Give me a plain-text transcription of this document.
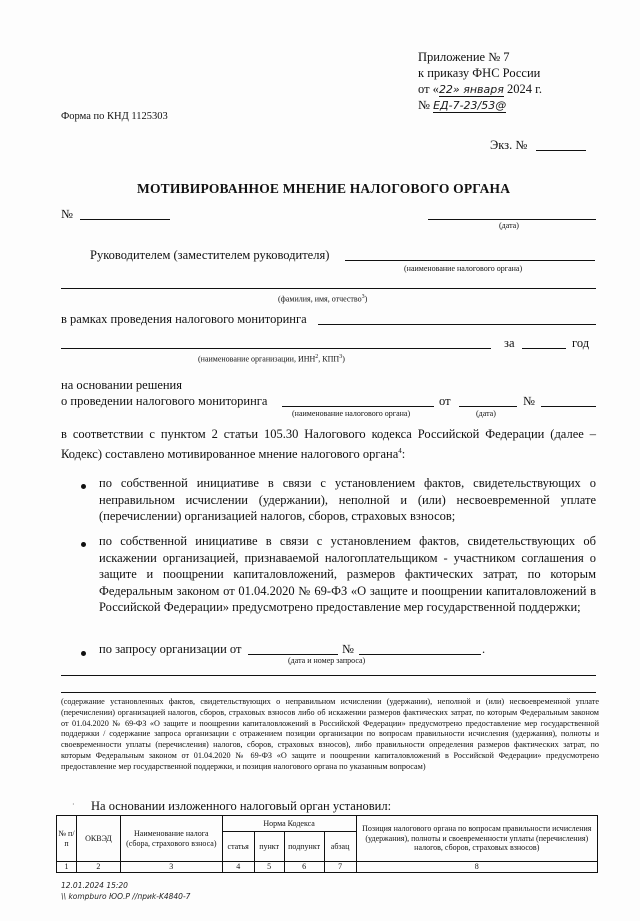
Приложение № 7
к приказу ФНС России
от «22» января 2024 г.
№ ЕД-7-23/53@
Форма по КНД 1125303
Экз. №
МОТИВИРОВАННОЕ МНЕНИЕ НАЛОГОВОГО ОРГАНА
№
(дата)
Руководителем (заместителем руководителя)
(наименование налогового органа)
(фамилия, имя, отчество$^3$)
в рамках проведения налогового мониторинга
за	год
(наименование организации, ИНН$^2$, КПП$^3$)
на основании решения
о проведении налогового мониторинга	от	№
(наименование налогового органа)	(дата)
в соответствии с пунктом 2 статьи 105.30 Налогового кодекса Российской Федерации (далее – Кодекс) составлено мотивированное мнение налогового органа$^4$:
по собственной инициативе в связи с установлением фактов, свидетельствующих о неправильном исчислении (удержании), неполной и (или) несвоевременной уплате (перечислении) организацией налогов, сборов, страховых взносов;
по собственной инициативе в связи с установлением фактов, свидетельствующих об искажении организацией, признаваемой налогоплательщиком - участником соглашения о защите и поощрении капиталовложений, размеров фактических затрат, по которым Федеральным законом от 01.04.2020 № 69-ФЗ «О защите и поощрении капиталовложений в Российской Федерации» предусмотрено предоставление мер государственной поддержки;
по запросу организации от	№	.
(дата и номер запроса)
(содержание установленных фактов, свидетельствующих о неправильном исчислении (удержании), неполной и (или) несвоевременной уплате (перечислении) организацией налогов, сборов, страховых взносов либо об искажении размеров фактических затрат, по которым Федеральным законом от 01.04.2020 № 69-ФЗ «О защите и поощрении капиталовложений в Российской Федерации» предусмотрено предоставление мер государственной поддержки / содержание запроса организации с отражением позиции организации по вопросам правильности исчисления (удержания), полноты и своевременности уплаты (перечисления) налогов, сборов, страховых взносов), либо правильности определения размеров фактических затрат, по которым Федеральным законом от 01.04.2020 № 69-ФЗ «О защите и поощрении капиталовложений в Российской Федерации» предусмотрено предоставление мер государственной поддержки, и позиция налогового органа по указанным вопросам)
· На основании изложенного налоговый орган установил:
№ п/п	ОКВЭД	Наименование налога (сбора, страхового взноса)	Норма Кодекса				Позиция налогового органа по вопросам правильности исчисления (удержания), полноты и своевременности уплаты (перечисления) налогов, сборов, страховых взносов)
			статья	пункт	подпункт	абзац	
1	2	3	4	5	6	7	8
12.01.2024 15:20
\\ kompburo ЮО.Р //приk-K4840-7
